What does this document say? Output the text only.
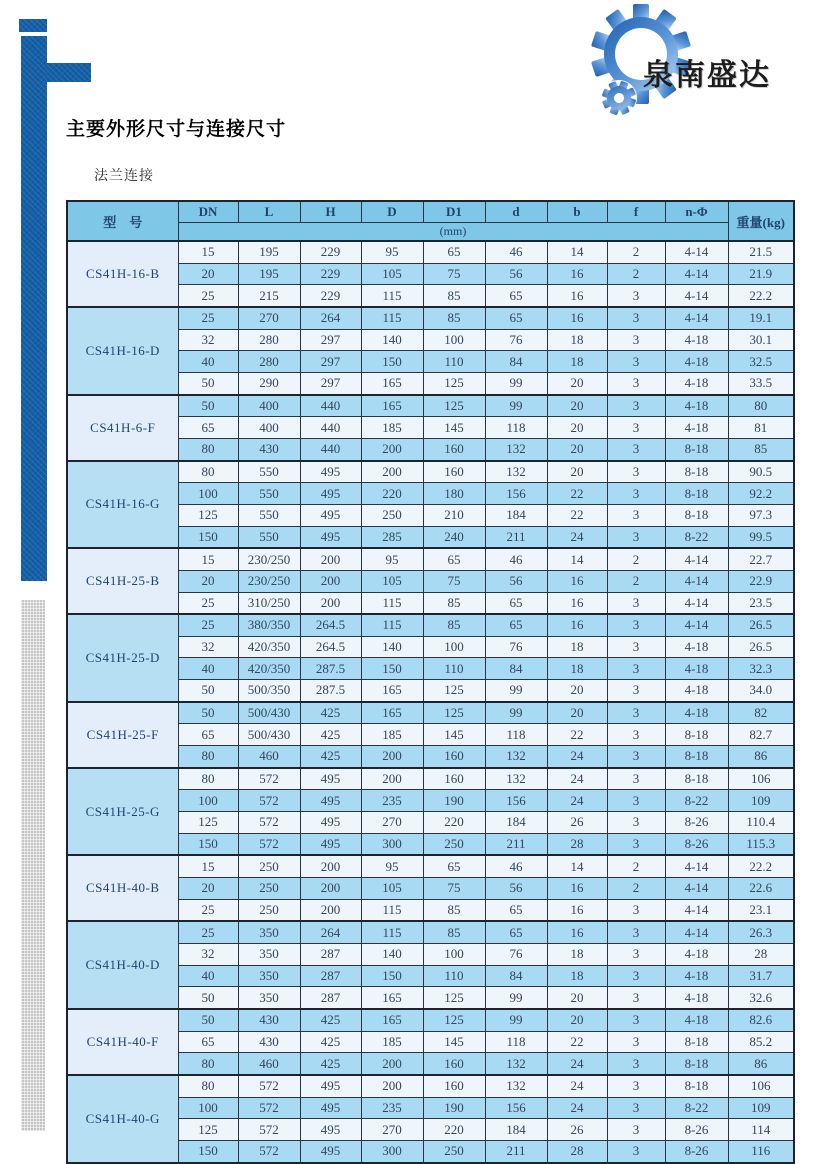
泉南盛达
主要外形尺寸与连接尺寸
法兰连接
型　号	DN	L	H	D	D1	d	b	f	n-Φ	重量(kg)
	(mm)									
CS41H-16-B	15	195	229	95	65	46	14	2	4-14	21.5
	20	195	229	105	75	56	16	2	4-14	21.9
	25	215	229	115	85	65	16	3	4-14	22.2
CS41H-16-D	25	270	264	115	85	65	16	3	4-14	19.1
	32	280	297	140	100	76	18	3	4-18	30.1
	40	280	297	150	110	84	18	3	4-18	32.5
	50	290	297	165	125	99	20	3	4-18	33.5
CS41H-6-F	50	400	440	165	125	99	20	3	4-18	80
	65	400	440	185	145	118	20	3	4-18	81
	80	430	440	200	160	132	20	3	8-18	85
CS41H-16-G	80	550	495	200	160	132	20	3	8-18	90.5
	100	550	495	220	180	156	22	3	8-18	92.2
	125	550	495	250	210	184	22	3	8-18	97.3
	150	550	495	285	240	211	24	3	8-22	99.5
CS41H-25-B	15	230/250	200	95	65	46	14	2	4-14	22.7
	20	230/250	200	105	75	56	16	2	4-14	22.9
	25	310/250	200	115	85	65	16	3	4-14	23.5
CS41H-25-D	25	380/350	264.5	115	85	65	16	3	4-14	26.5
	32	420/350	264.5	140	100	76	18	3	4-18	26.5
	40	420/350	287.5	150	110	84	18	3	4-18	32.3
	50	500/350	287.5	165	125	99	20	3	4-18	34.0
CS41H-25-F	50	500/430	425	165	125	99	20	3	4-18	82
	65	500/430	425	185	145	118	22	3	8-18	82.7
	80	460	425	200	160	132	24	3	8-18	86
CS41H-25-G	80	572	495	200	160	132	24	3	8-18	106
	100	572	495	235	190	156	24	3	8-22	109
	125	572	495	270	220	184	26	3	8-26	110.4
	150	572	495	300	250	211	28	3	8-26	115.3
CS41H-40-B	15	250	200	95	65	46	14	2	4-14	22.2
	20	250	200	105	75	56	16	2	4-14	22.6
	25	250	200	115	85	65	16	3	4-14	23.1
CS41H-40-D	25	350	264	115	85	65	16	3	4-14	26.3
	32	350	287	140	100	76	18	3	4-18	28
	40	350	287	150	110	84	18	3	4-18	31.7
	50	350	287	165	125	99	20	3	4-18	32.6
CS41H-40-F	50	430	425	165	125	99	20	3	4-18	82.6
	65	430	425	185	145	118	22	3	8-18	85.2
	80	460	425	200	160	132	24	3	8-18	86
CS41H-40-G	80	572	495	200	160	132	24	3	8-18	106
	100	572	495	235	190	156	24	3	8-22	109
	125	572	495	270	220	184	26	3	8-26	114
	150	572	495	300	250	211	28	3	8-26	116
